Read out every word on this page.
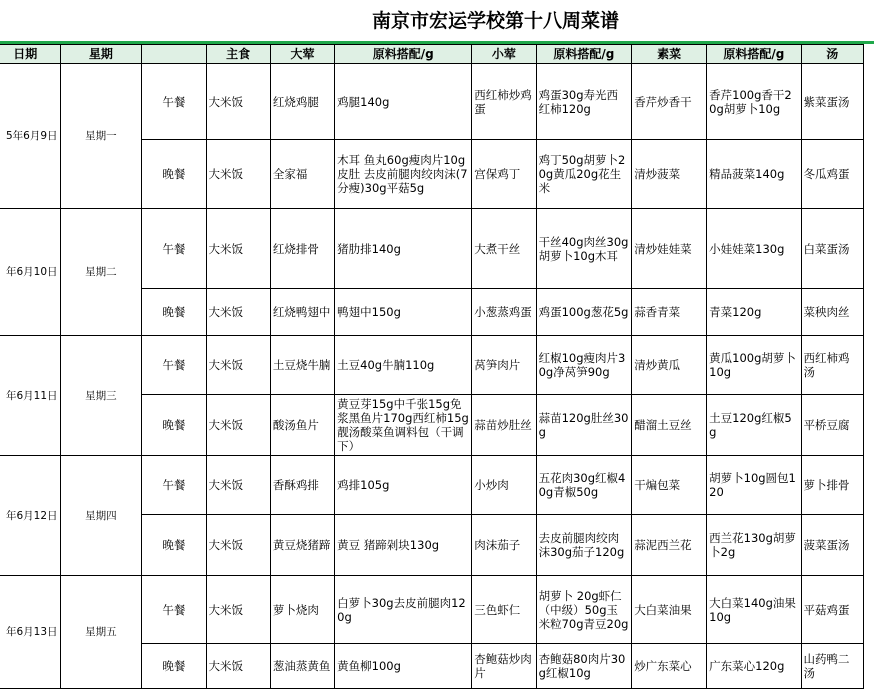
南京市宏运学校第十八周菜谱
日期	星期		主食	大荤	原料搭配/g	小荤	原料搭配/g	素菜	原料搭配/g	汤
5年6月9日	星期一	午餐	大米饭	红烧鸡腿	鸡腿140g	西红柿炒鸡蛋	鸡蛋30g寿光西红柿120g	香芹炒香干	香芹100g香干20g胡萝卜10g	紫菜蛋汤
		晚餐	大米饭	全家福	木耳 鱼丸60g瘦肉片10g皮肚 去皮前腿肉绞肉沫(7分瘦)30g平菇5g	宫保鸡丁	鸡丁50g胡萝卜20g黄瓜20g花生米	清炒菠菜	精品菠菜140g	冬瓜鸡蛋
年6月10日	星期二	午餐	大米饭	红烧排骨	猪肋排140g	大煮干丝	干丝40g肉丝30g胡萝卜10g木耳	清炒娃娃菜	小娃娃菜130g	白菜蛋汤
		晚餐	大米饭	红烧鸭翅中	鸭翅中150g	小葱蒸鸡蛋	鸡蛋100g葱花5g	蒜香青菜	青菜120g	菜秧肉丝
年6月11日	星期三	午餐	大米饭	土豆烧牛腩	土豆40g牛腩110g	莴笋肉片	红椒10g瘦肉片30g净莴笋90g	清炒黄瓜	黄瓜100g胡萝卜10g	西红柿鸡汤
		晚餐	大米饭	酸汤鱼片	黄豆芽15g中千张15g免浆黑鱼片170g西红柿15g靓汤酸菜鱼调料包（干调下）	蒜苗炒肚丝	蒜苗120g肚丝30g	醋溜土豆丝	土豆120g红椒5g	平桥豆腐
年6月12日	星期四	午餐	大米饭	香酥鸡排	鸡排105g	小炒肉	五花肉30g红椒40g青椒50g	干煸包菜	胡萝卜10g圆包120	萝卜排骨
		晚餐	大米饭	黄豆烧猪蹄	黄豆 猪蹄剁块130g	肉沫茄子	去皮前腿肉绞肉沫30g茄子120g	蒜泥西兰花	西兰花130g胡萝卜2g	菠菜蛋汤
年6月13日	星期五	午餐	大米饭	萝卜烧肉	白萝卜30g去皮前腿肉120g	三色虾仁	胡萝卜 20g虾仁（中级）50g玉米粒70g青豆20g	大白菜油果	大白菜140g油果10g	平菇鸡蛋
		晚餐	大米饭	葱油蒸黄鱼	黄鱼柳100g	杏鲍菇炒肉片	杏鲍菇80肉片30g红椒10g	炒广东菜心	广东菜心120g	山药鸭二汤
